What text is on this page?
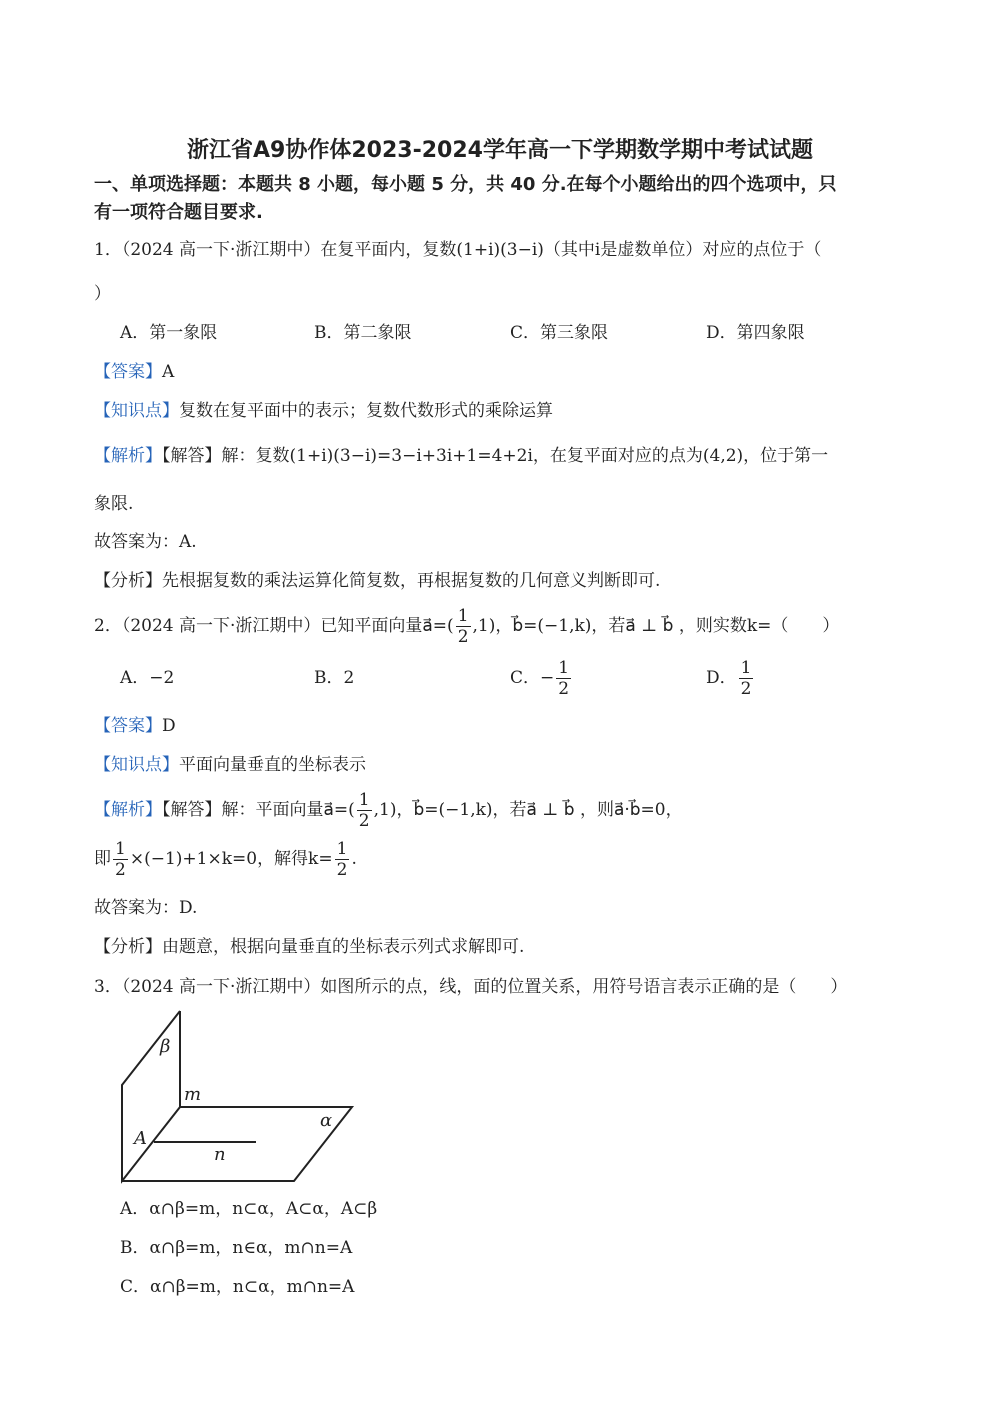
浙江省A9协作体2023-2024学年高一下学期数学期中考试试题
一、单项选择题：本题共 8 小题，每小题 5 分，共 40 分.在每个小题给出的四个选项中，只
有一项符合题目要求.
1．（2024 高一下·浙江期中）在复平面内，复数(1+i)(3−i)（其中i是虚数单位）对应的点位于（
）
A．第一象限	B．第二象限	C．第三象限	D．第四象限
【答案】A
【知识点】复数在复平面中的表示；复数代数形式的乘除运算
【解析】【解答】解：复数(1+i)(3−i)=3−i+3i+1=4+2i，在复平面对应的点为(4,2)，位于第一
象限.
故答案为：A.
【分析】先根据复数的乘法运算化简复数，再根据复数的几何意义判断即可.
2．（2024 高一下·浙江期中）已知平面向量a⃗=( $\frac{1}{2} ,1$)，b⃗=(−1,k)，若a⃗ ⊥ b⃗ ，则实数k=（　　）
A．−2	B．2	C．− $\frac{1}{2}$	D． $\frac{1}{2}$
【答案】D
【知识点】平面向量垂直的坐标表示
【解析】【解答】解：平面向量a⃗=( $\frac{1}{2} ,1$)，b⃗=(−1,k)，若a⃗ ⊥ b⃗ ，则a⃗·b⃗=0，
即 $\frac{1}{2} \times(-1)+1\times k=0$，解得$k= \frac{1}{2}$ .
故答案为：D.
【分析】由题意，根据向量垂直的坐标表示列式求解即可.
3．（2024 高一下·浙江期中）如图所示的点，线，面的位置关系，用符号语言表示正确的是（　　）
β
m
α
A
n
A．α∩β=m，n⊂α，A⊂α，A⊂β
B．α∩β=m，n∈α，m∩n=A
C．α∩β=m，n⊂α，m∩n=A
